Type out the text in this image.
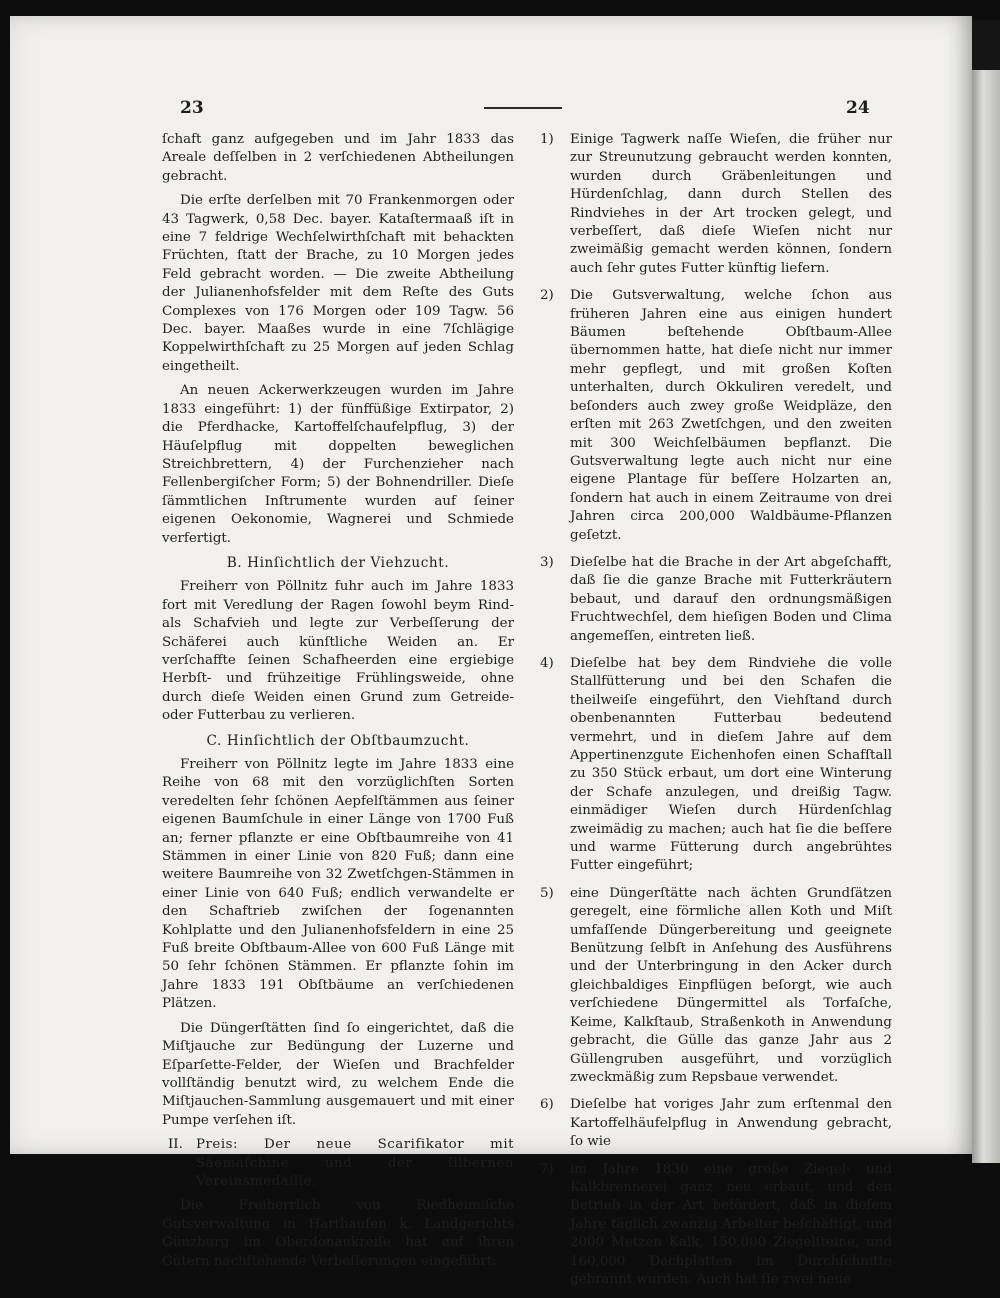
23	24

ſchaft ganz aufgegeben und im Jahr 1833 das Areale deſſelben in 2 verſchiedenen Abtheilungen gebracht.

Die erſte derſelben mit 70 Frankenmorgen oder 43 Tagwerk, 0,58 Dec. bayer. Kataſtermaaß iſt in eine 7 feldrige Wechſelwirthſchaft mit behackten Früchten, ſtatt der Brache, zu 10 Morgen jedes Feld gebracht worden. — Die zweite Abtheilung der Julianenhofsfelder mit dem Reſte des Guts Complexes von 176 Morgen oder 109 Tagw. 56 Dec. bayer. Maaßes wurde in eine 7ſchlägige Koppelwirthſchaft zu 25 Morgen auf jeden Schlag eingetheilt.

An neuen Ackerwerkzeugen wurden im Jahre 1833 eingeführt: 1) der fünffüßige Extirpator, 2) die Pferdhacke, Kartoffelſchaufelpflug, 3) der Häuſelpflug mit doppelten beweglichen Streichbrettern, 4) der Furchenzieher nach Fellenbergiſcher Form; 5) der Bohnendriller. Dieſe ſämmtlichen Inſtrumente wurden auf ſeiner eigenen Oekonomie, Wagnerei und Schmiede verfertigt.

B. Hinſichtlich der Viehzucht.

Freiherr von Pöllnitz fuhr auch im Jahre 1833 fort mit Veredlung der Ragen ſowohl beym Rind- als Schafvieh und legte zur Verbeſſerung der Schäferei auch künſtliche Weiden an. Er verſchaffte ſeinen Schafheerden eine ergiebige Herbſt- und frühzeitige Frühlingsweide, ohne durch dieſe Weiden einen Grund zum Getreide- oder Futterbau zu verlieren.

C. Hinſichtlich der Obſtbaumzucht.

Freiherr von Pöllnitz legte im Jahre 1833 eine Reihe von 68 mit den vorzüglichſten Sorten veredelten ſehr ſchönen Aepfelſtämmen aus ſeiner eigenen Baumſchule in einer Länge von 1700 Fuß an; ferner pflanzte er eine Obſtbaumreihe von 41 Stämmen in einer Linie von 820 Fuß; dann eine weitere Baumreihe von 32 Zwetſchgen-Stämmen in einer Linie von 640 Fuß; endlich verwandelte er den Schaftrieb zwiſchen der ſogenannten Kohlplatte und den Julianenhofsfeldern in eine 25 Fuß breite Obſtbaum-Allee von 600 Fuß Länge mit 50 ſehr ſchönen Stämmen. Er pflanzte ſohin im Jahre 1833 191 Obſtbäume an verſchiedenen Plätzen.

Die Düngerſtätten ſind ſo eingerichtet, daß die Miſtjauche zur Bedüngung der Luzerne und Eſparſette-Felder, der Wieſen und Brachfelder vollſtändig benutzt wird, zu welchem Ende die Miſtjauchen-Sammlung ausgemauert und mit einer Pumpe verſehen iſt.

II. Preis: Der neue Scarifikator mit Säemaſchine und der ſilbernen Vereinsmedaille.

Die Freiherrlich von Riedheimiſche Gutsverwaltung in Harthauſen k. Landgerichts Günzburg im Oberdonaukreiſe hat auf ihren Gütern nachſtehende Verbeſſerungen eingeführt:

1)	Einige Tagwerk naſſe Wieſen, die früher nur zur Streunutzung gebraucht werden konnten, wurden durch Gräbenleitungen und Hürdenſchlag, dann durch Stellen des Rindviehes in der Art trocken gelegt, und verbeſſert, daß dieſe Wieſen nicht nur zweimäßig gemacht werden können, ſondern auch ſehr gutes Futter künftig liefern.
2)	Die Gutsverwaltung, welche ſchon aus früheren Jahren eine aus einigen hundert Bäumen beſtehende Obſtbaum-Allee übernommen hatte, hat dieſe nicht nur immer mehr gepflegt, und mit großen Koſten unterhalten, durch Okkuliren veredelt, und beſonders auch zwey große Weidpläze, den erſten mit 263 Zwetſchgen, und den zweiten mit 300 Weichſelbäumen bepflanzt. Die Gutsverwaltung legte auch nicht nur eine eigene Plantage für beſſere Holzarten an, ſondern hat auch in einem Zeitraume von drei Jahren circa 200,000 Waldbäume-Pflanzen geſetzt.
3)	Dieſelbe hat die Brache in der Art abgeſchafft, daß ſie die ganze Brache mit Futterkräutern bebaut, und darauf den ordnungsmäßigen Fruchtwechſel, dem hieſigen Boden und Clima angemeſſen, eintreten ließ.
4)	Dieſelbe hat bey dem Rindviehe die volle Stallfütterung und bei den Schafen die theilweiſe eingeführt, den Viehſtand durch obenbenannten Futterbau bedeutend vermehrt, und in dieſem Jahre auf dem Appertinenzgute Eichenhofen einen Schafſtall zu 350 Stück erbaut, um dort eine Winterung der Schafe anzulegen, und dreißig Tagw. einmädiger Wieſen durch Hürdenſchlag zweimädig zu machen; auch hat ſie die beſſere und warme Fütterung durch angebrühtes Futter eingeführt;
5)	eine Düngerſtätte nach ächten Grundſätzen geregelt, eine förmliche allen Koth und Miſt umfaſſende Düngerbereitung und geeignete Benützung ſelbſt in Anſehung des Ausführens und der Unterbringung in den Acker durch gleichbaldiges Einpflügen beſorgt, wie auch verſchiedene Düngermittel als Torfaſche, Keime, Kalkſtaub, Straßenkoth in Anwendung gebracht, die Gülle das ganze Jahr aus 2 Güllengruben ausgeführt, und vorzüglich zweckmäßig zum Repsbaue verwendet.
6)	Dieſelbe hat voriges Jahr zum erſtenmal den Kartoffelhäufelpflug in Anwendung gebracht, ſo wie
7)	im Jahre 1830 eine große Ziegel- und Kalkbrennerei ganz neu erbaut, und den Betrieb in der Art befördert, daß in dieſem Jahre täglich zwanzig Arbeiter beſchäftigt, und 2000 Metzen Kalk, 150,000 Ziegelſteine, und 160,000 Dachplatten im Durchſchnitte gebrannt wurden. Auch hat ſie zwei neue
